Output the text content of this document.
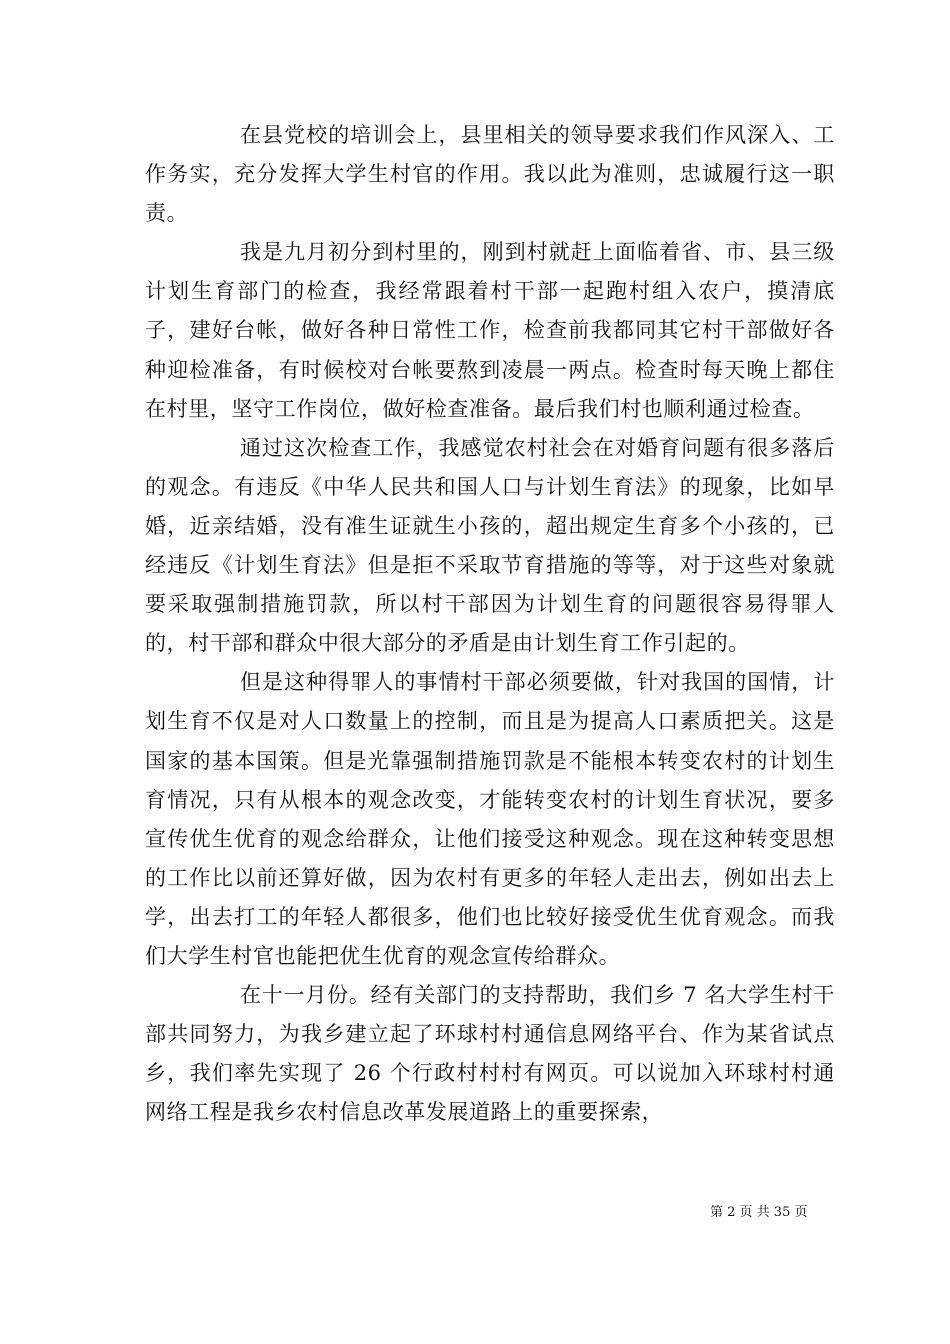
在县党校的培训会上，县里相关的领导要求我们作风深入、工作务实，充分发挥大学生村官的作用。我以此为准则，忠诚履行这一职责。

我是九月初分到村里的，刚到村就赶上面临着省、市、县三级计划生育部门的检查，我经常跟着村干部一起跑村组入农户，摸清底子，建好台帐，做好各种日常性工作，检查前我都同其它村干部做好各种迎检准备，有时候校对台帐要熬到凌晨一两点。检查时每天晚上都住在村里，坚守工作岗位，做好检查准备。最后我们村也顺利通过检查。

通过这次检查工作，我感觉农村社会在对婚育问题有很多落后的观念。有违反《中华人民共和国人口与计划生育法》的现象，比如早婚，近亲结婚，没有准生证就生小孩的，超出规定生育多个小孩的，已经违反《计划生育法》但是拒不采取节育措施的等等，对于这些对象就要采取强制措施罚款，所以村干部因为计划生育的问题很容易得罪人的，村干部和群众中很大部分的矛盾是由计划生育工作引起的。

但是这种得罪人的事情村干部必须要做，针对我国的国情，计划生育不仅是对人口数量上的控制，而且是为提高人口素质把关。这是国家的基本国策。但是光靠强制措施罚款是不能根本转变农村的计划生育情况，只有从根本的观念改变，才能转变农村的计划生育状况，要多宣传优生优育的观念给群众，让他们接受这种观念。现在这种转变思想的工作比以前还算好做，因为农村有更多的年轻人走出去，例如出去上学，出去打工的年轻人都很多，他们也比较好接受优生优育观念。而我们大学生村官也能把优生优育的观念宣传给群众。

在十一月份。经有关部门的支持帮助，我们乡 7 名大学生村干部共同努力，为我乡建立起了环球村村通信息网络平台、作为某省试点乡，我们率先实现了 26 个行政村村村有网页。可以说加入环球村村通网络工程是我乡农村信息改革发展道路上的重要探索，

第 2 页 共 35 页
